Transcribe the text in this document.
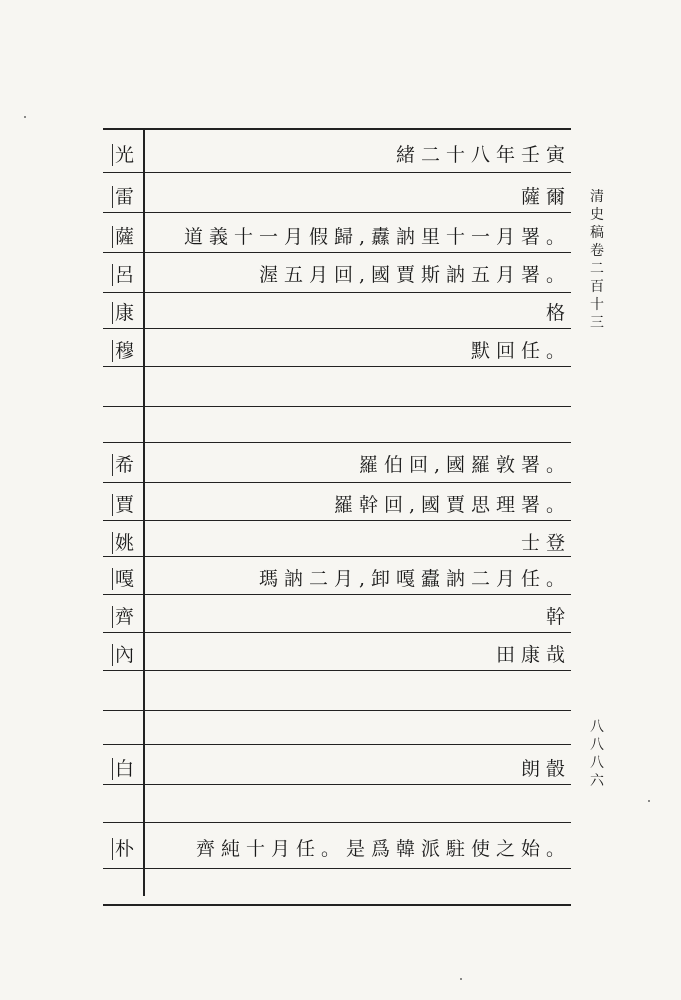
光
雷
薩
呂
康
穆
希
賈
姚
嘎
齊
內
白
朴
緒二十八年壬寅
薩爾
道義十一月假歸,纛訥里十一月署。
渥五月回,國賈斯訥五月署。
格
默回任。
羅伯回,國羅敦署。
羅幹回,國賈思理署。
士登
瑪訥二月,卸嘎蠹訥二月任。
幹
田康哉
朗瞉
齊純十月任。是爲韓派駐使之始。
清史稿卷二百十三
八八八六
